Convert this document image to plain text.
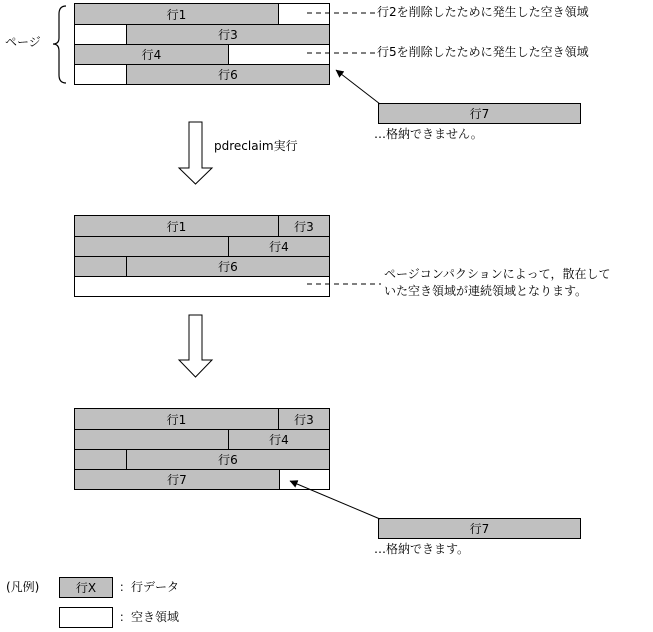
ページ
行1
行3
行4
行6
行2を削除したために発生した空き領域
行5を削除したために発生した空き領域
行7
…格納できません。
pdreclaim実行
行1	行3
行4
行6	ページコンパクションによって，散在して
いた空き領域が連続領域となります。
行1	行3
行4
行6
行7
行7
…格納できます。
(凡例)	行X ：行データ
：空き領域
